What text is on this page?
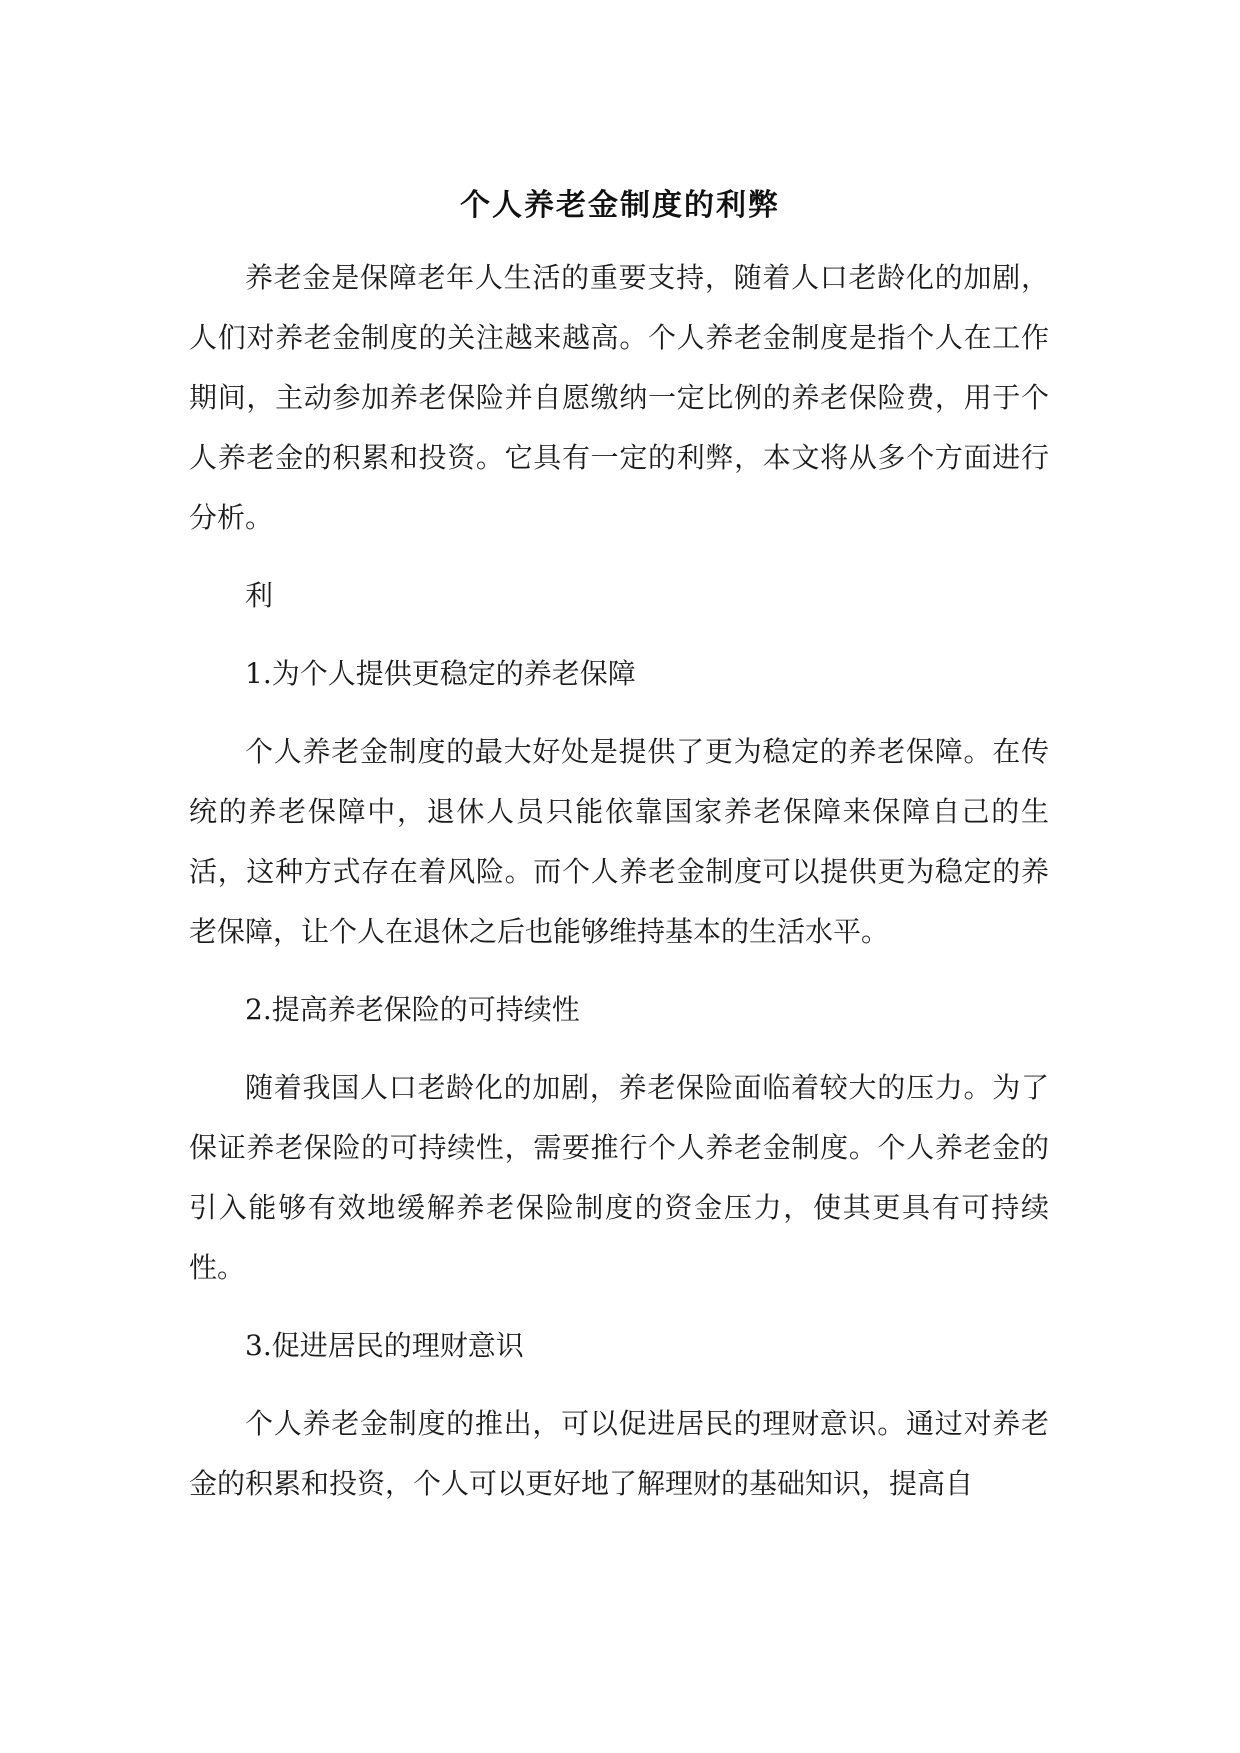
个人养老金制度的利弊

养老金是保障老年人生活的重要支持，随着人口老龄化的加剧，人们对养老金制度的关注越来越高。个人养老金制度是指个人在工作期间，主动参加养老保险并自愿缴纳一定比例的养老保险费，用于个人养老金的积累和投资。它具有一定的利弊，本文将从多个方面进行分析。

利

1.为个人提供更稳定的养老保障

个人养老金制度的最大好处是提供了更为稳定的养老保障。在传统的养老保障中，退休人员只能依靠国家养老保障来保障自己的生活，这种方式存在着风险。而个人养老金制度可以提供更为稳定的养老保障，让个人在退休之后也能够维持基本的生活水平。

2.提高养老保险的可持续性

随着我国人口老龄化的加剧，养老保险面临着较大的压力。为了保证养老保险的可持续性，需要推行个人养老金制度。个人养老金的引入能够有效地缓解养老保险制度的资金压力，使其更具有可持续性。

3.促进居民的理财意识

个人养老金制度的推出，可以促进居民的理财意识。通过对养老金的积累和投资，个人可以更好地了解理财的基础知识，提高自
